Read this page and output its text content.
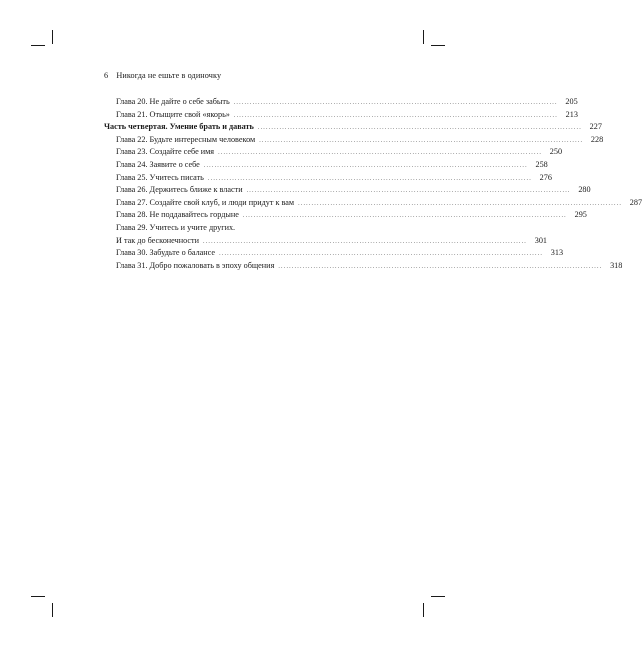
6 Никогда не ешьте в одиночку
Глава 20. Не дайте о себе забыть ........................................................................................................................ 205
Глава 21. Отыщите свой «якорь» ........................................................................................................................ 213
Часть четвертая. Умение брать и давать ........................................................................................................................ 227
Глава 22. Будьте интересным человеком ........................................................................................................................ 228
Глава 23. Создайте себе имя ........................................................................................................................ 250
Глава 24. Заявите о себе ........................................................................................................................ 258
Глава 25. Учитесь писать ........................................................................................................................ 276
Глава 26. Держитесь ближе к власти ........................................................................................................................ 280
Глава 27. Создайте свой клуб, и люди придут к вам ........................................................................................................................ 287
Глава 28. Не поддавайтесь гордыне ........................................................................................................................ 295
Глава 29. Учитесь и учите других.
И так до бесконечности ........................................................................................................................ 301
Глава 30. Забудьте о балансе ........................................................................................................................ 313
Глава 31. Добро пожаловать в эпоху общения ........................................................................................................................ 318
